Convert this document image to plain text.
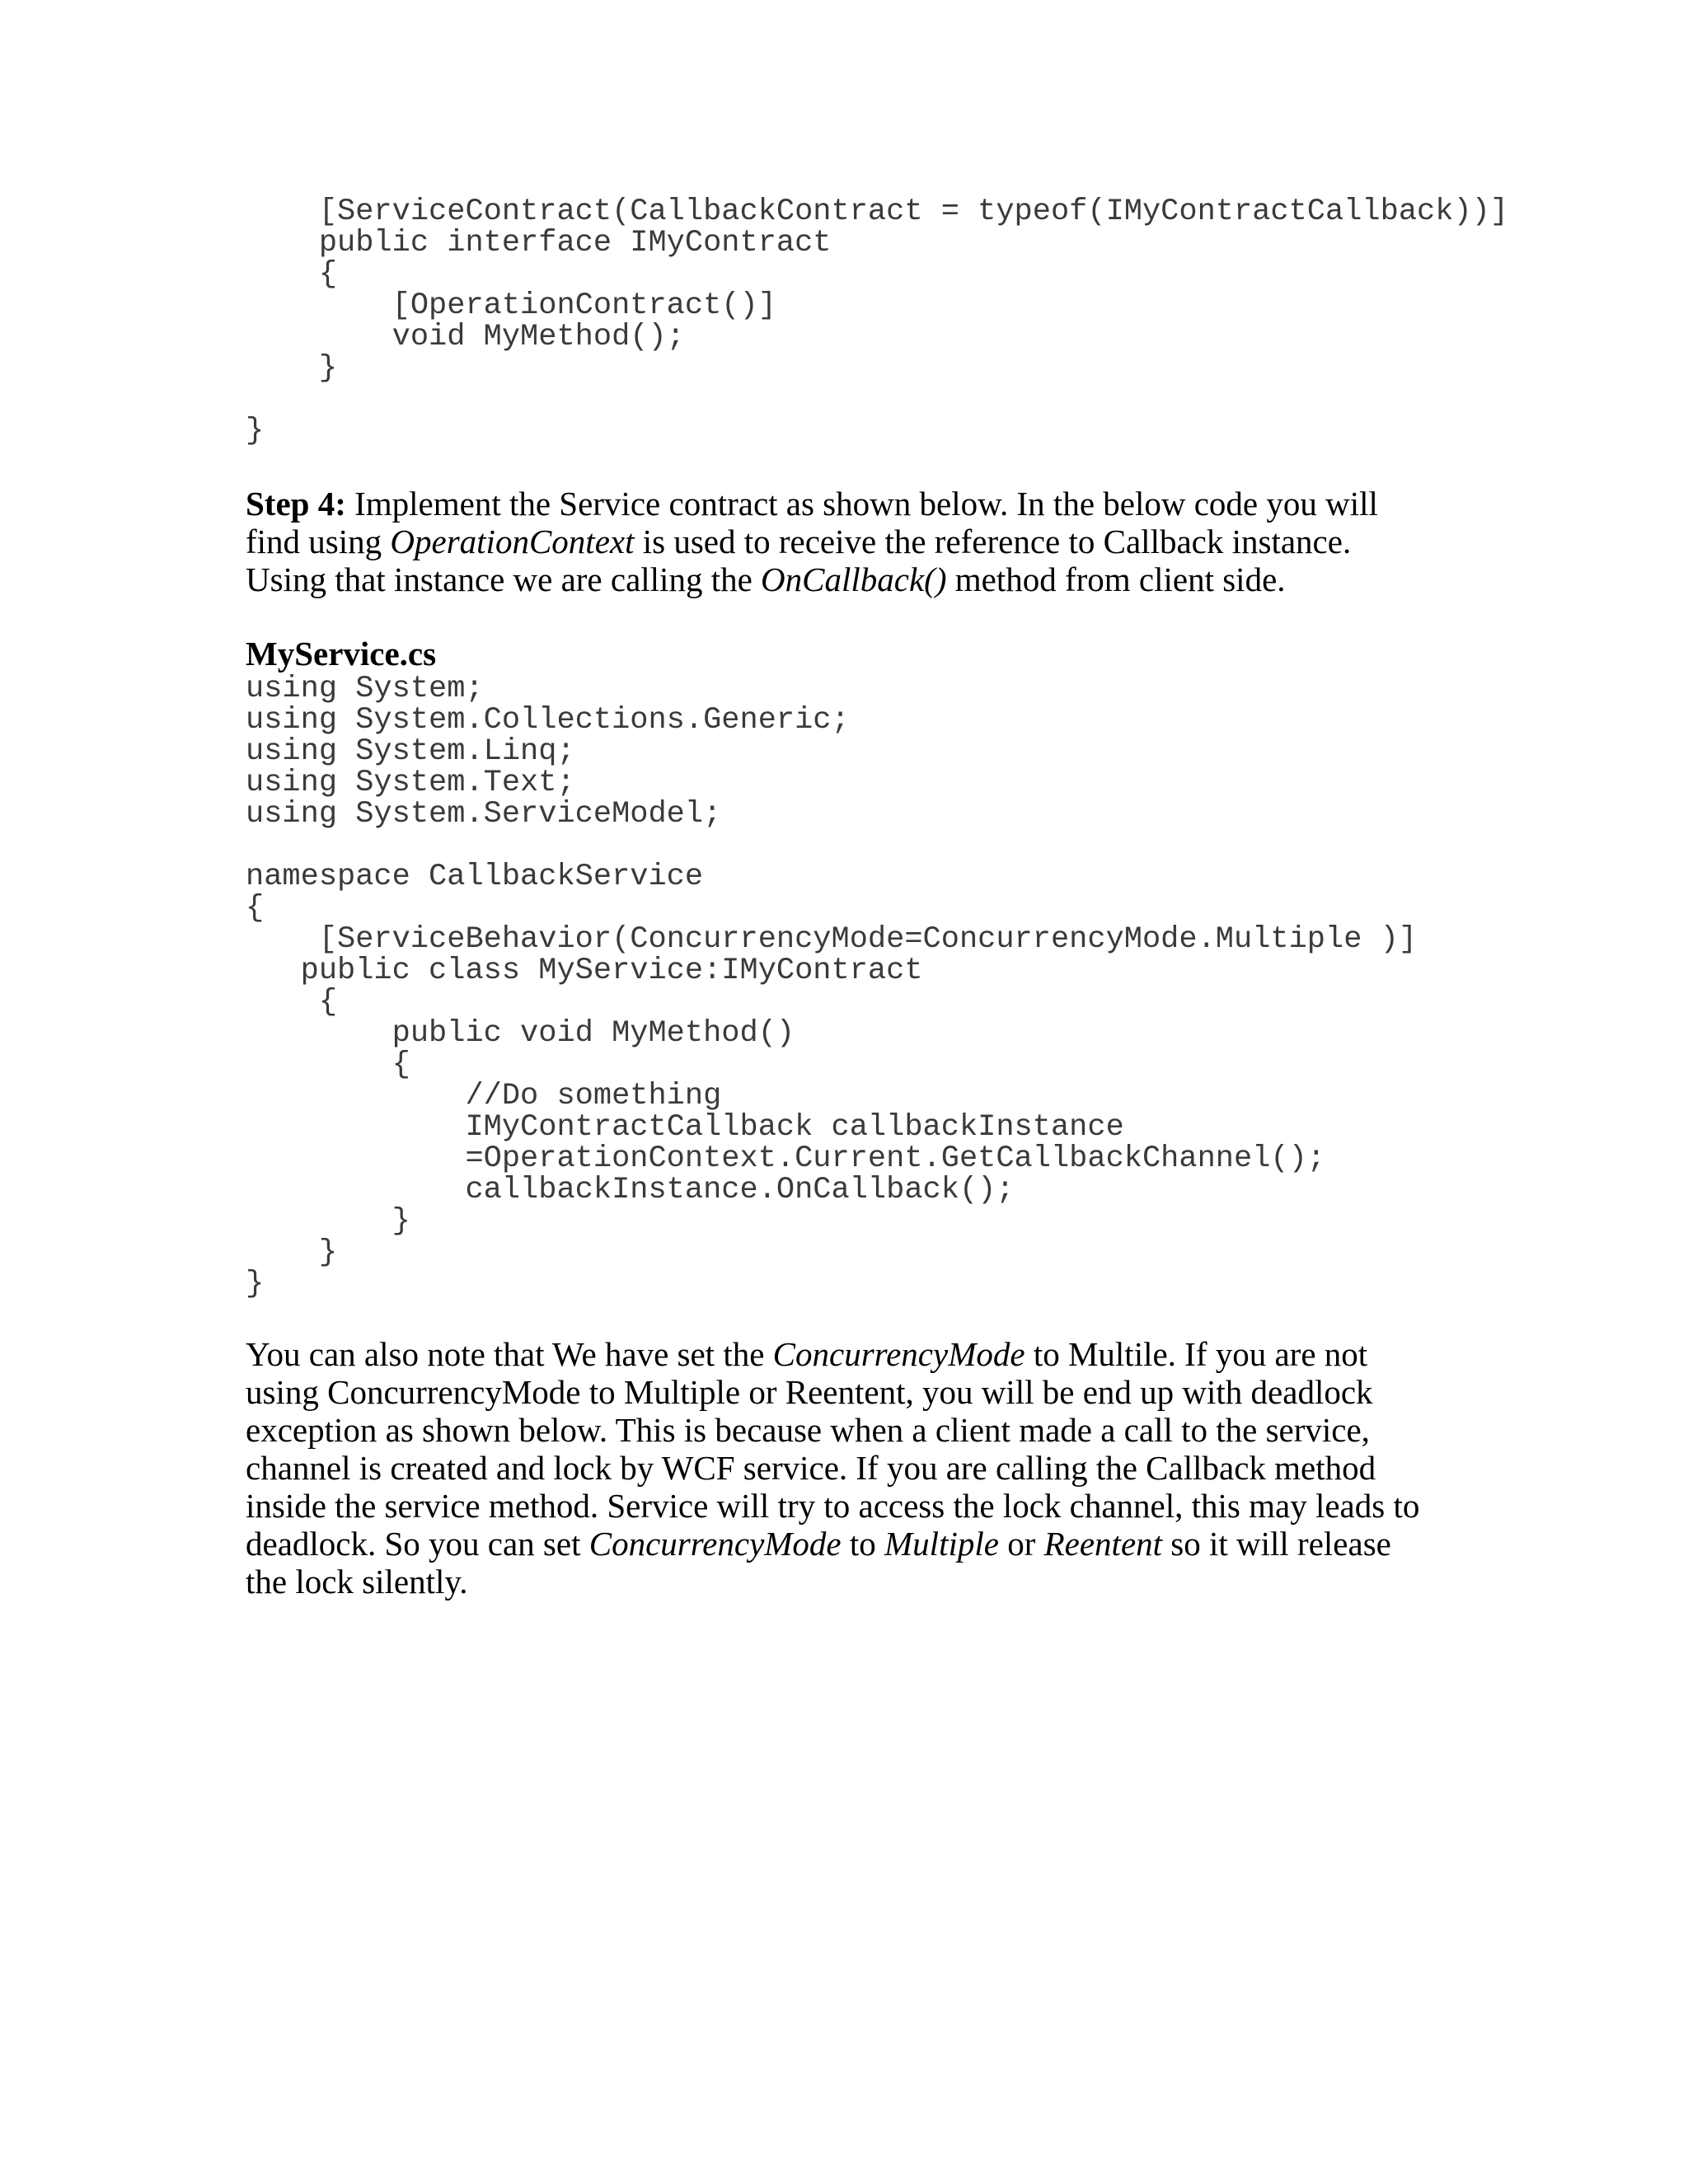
[ServiceContract(CallbackContract = typeof(IMyContractCallback))]
public interface IMyContract
{
[OperationContract()]
void MyMethod();
}

}

Step 4: Implement the Service contract as shown below. In the below code you will find using OperationContext is used to receive the reference to Callback instance. Using that instance we are calling the OnCallback() method from client side.

MyService.cs
using System;
using System.Collections.Generic;
using System.Linq;
using System.Text;
using System.ServiceModel;

namespace CallbackService
{
[ServiceBehavior(ConcurrencyMode=ConcurrencyMode.Multiple )]
public class MyService:IMyContract
{
public void MyMethod()
{
//Do something
IMyContractCallback callbackInstance
=OperationContext.Current.GetCallbackChannel();
callbackInstance.OnCallback();
}
}
}

You can also note that We have set the ConcurrencyMode to Multile. If you are not using ConcurrencyMode to Multiple or Reentent, you will be end up with deadlock exception as shown below. This is because when a client made a call to the service, channel is created and lock by WCF service. If you are calling the Callback method inside the service method. Service will try to access the lock channel, this may leads to deadlock. So you can set ConcurrencyMode to Multiple or Reentent so it will release the lock silently.
